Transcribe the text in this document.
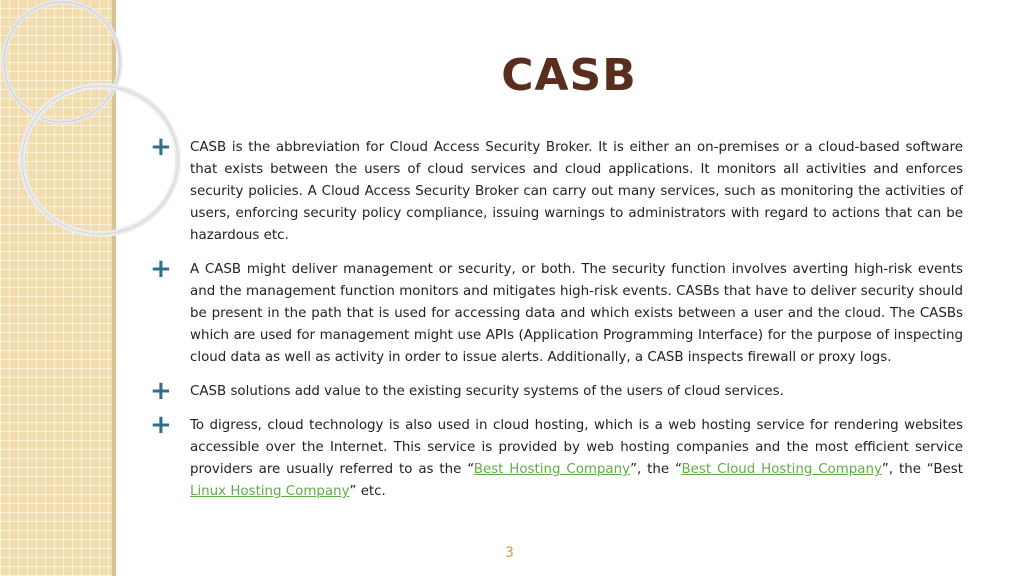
CASB
+ CASB is the abbreviation for Cloud Access Security Broker. It is either an on-premises or a cloud-based software that exists between the users of cloud services and cloud applications. It monitors all activities and enforces security policies. A Cloud Access Security Broker can carry out many services, such as monitoring the activities of users, enforcing security policy compliance, issuing warnings to administrators with regard to actions that can be hazardous etc.
+ A CASB might deliver management or security, or both. The security function involves averting high-risk events and the management function monitors and mitigates high-risk events. CASBs that have to deliver security should be present in the path that is used for accessing data and which exists between a user and the cloud. The CASBs which are used for management might use APIs (Application Programming Interface) for the purpose of inspecting cloud data as well as activity in order to issue alerts. Additionally, a CASB inspects firewall or proxy logs.
+ CASB solutions add value to the existing security systems of the users of cloud services.
+ To digress, cloud technology is also used in cloud hosting, which is a web hosting service for rendering websites accessible over the Internet. This service is provided by web hosting companies and the most efficient service providers are usually referred to as the “Best Hosting Company”, the “Best Cloud Hosting Company”, the “Best Linux Hosting Company” etc.
3
